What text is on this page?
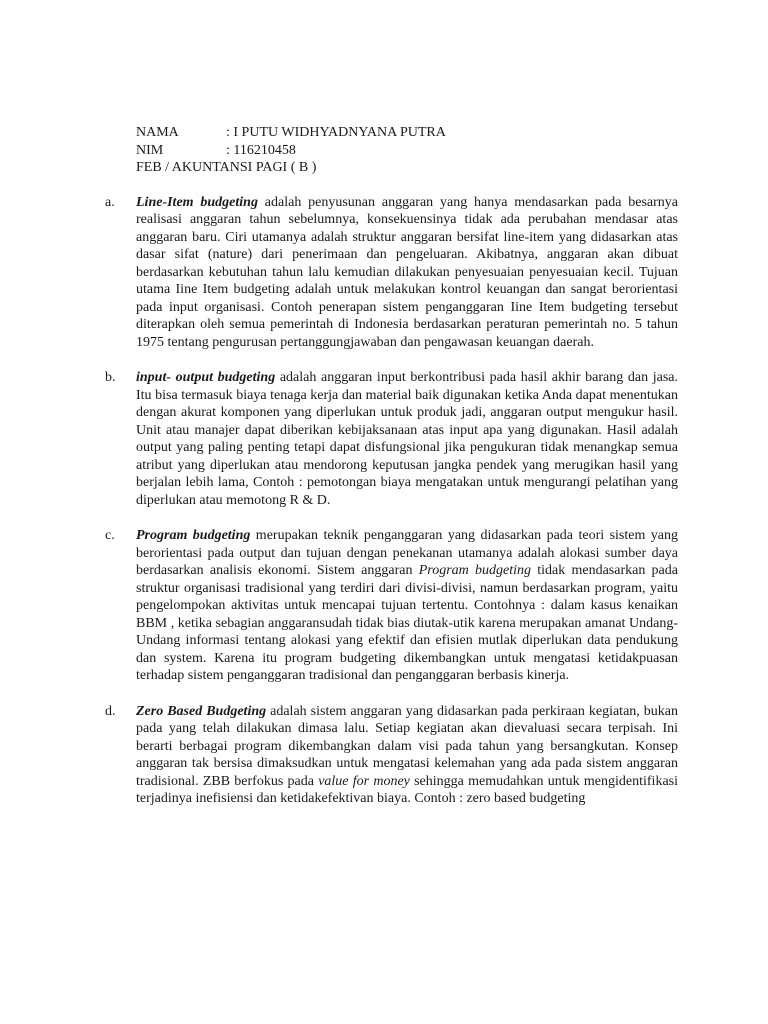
NAMA	: I PUTU WIDHYADNYANA PUTRA
NIM	: 116210458
FEB / AKUNTANSI PAGI ( B )
a. Line-Item budgeting adalah penyusunan anggaran yang hanya mendasarkan pada besarnya realisasi anggaran tahun sebelumnya, konsekuensinya tidak ada perubahan mendasar atas anggaran baru. Ciri utamanya adalah struktur anggaran bersifat line-item yang didasarkan atas dasar sifat (nature) dari penerimaan dan pengeluaran. Akibatnya, anggaran akan dibuat berdasarkan kebutuhan tahun lalu kemudian dilakukan penyesuaian penyesuaian kecil. Tujuan utama Iine Item budgeting adalah untuk melakukan kontrol keuangan dan sangat berorientasi pada input organisasi. Contoh penerapan sistem penganggaran Iine Item budgeting tersebut diterapkan oleh semua pemerintah di Indonesia berdasarkan peraturan pemerintah no. 5 tahun 1975 tentang pengurusan pertanggungjawaban dan pengawasan keuangan daerah.
b. input- output budgeting adalah anggaran input berkontribusi pada hasil akhir barang dan jasa. Itu bisa termasuk biaya tenaga kerja dan material baik digunakan ketika Anda dapat menentukan dengan akurat komponen yang diperlukan untuk produk jadi, anggaran output mengukur hasil. Unit atau manajer dapat diberikan kebijaksanaan atas input apa yang digunakan. Hasil adalah output yang paling penting tetapi dapat disfungsional jika pengukuran tidak menangkap semua atribut yang diperlukan atau mendorong keputusan jangka pendek yang merugikan hasil yang berjalan lebih lama, Contoh : pemotongan biaya mengatakan untuk mengurangi pelatihan yang diperlukan atau memotong R & D.
c. Program budgeting merupakan teknik penganggaran yang didasarkan pada teori sistem yang berorientasi pada output dan tujuan dengan penekanan utamanya adalah alokasi sumber daya berdasarkan analisis ekonomi. Sistem anggaran Program budgeting tidak mendasarkan pada struktur organisasi tradisional yang terdiri dari divisi-divisi, namun berdasarkan program, yaitu pengelompokan aktivitas untuk mencapai tujuan tertentu. Contohnya : dalam kasus kenaikan BBM , ketika sebagian anggaransudah tidak bias diutak-utik karena merupakan amanat Undang-Undang informasi tentang alokasi yang efektif dan efisien mutlak diperlukan data pendukung dan system. Karena itu program budgeting dikembangkan untuk mengatasi ketidakpuasan terhadap sistem penganggaran tradisional dan penganggaran berbasis kinerja.
d. Zero Based Budgeting adalah sistem anggaran yang didasarkan pada perkiraan kegiatan, bukan pada yang telah dilakukan dimasa lalu. Setiap kegiatan akan dievaluasi secara terpisah. Ini berarti berbagai program dikembangkan dalam visi pada tahun yang bersangkutan. Konsep anggaran tak bersisa dimaksudkan untuk mengatasi kelemahan yang ada pada sistem anggaran tradisional. ZBB berfokus pada value for money sehingga memudahkan untuk mengidentifikasi terjadinya inefisiensi dan ketidakefektivan biaya. Contoh : zero based budgeting
